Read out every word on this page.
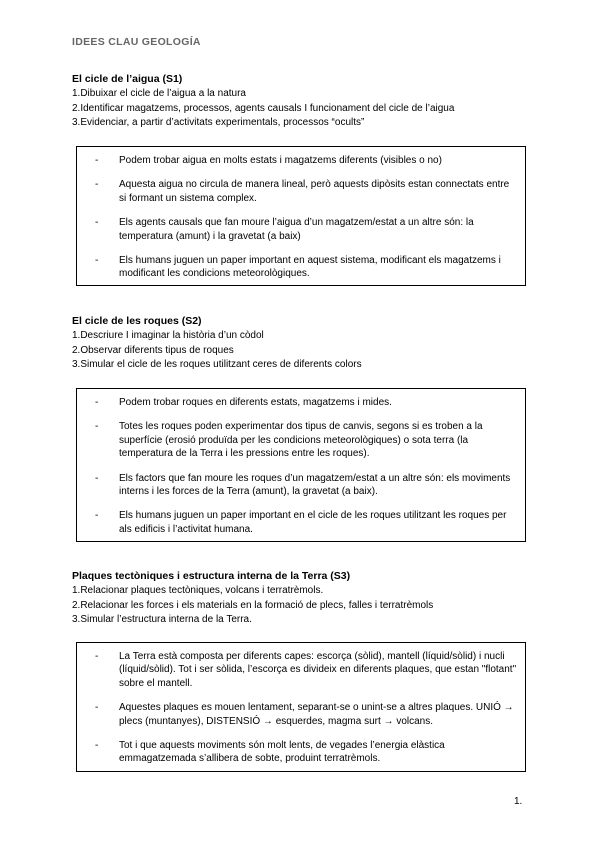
IDEES CLAU GEOLOGÍA
El cicle de l’aigua (S1)
1.Dibuixar el cicle de l’aigua a la natura
2.Identificar magatzems, processos, agents causals I funcionament del cicle de l’aigua
3.Evidenciar, a partir d’activitats experimentals, processos “ocults”
- Podem trobar aigua en molts estats i magatzems diferents (visibles o no)
- Aquesta aigua no circula de manera lineal, però aquests dipòsits estan connectats entre si formant un sistema complex.
- Els agents causals que fan moure l’aigua d’un magatzem/estat a un altre són: la temperatura (amunt) i la gravetat (a baix)
- Els humans juguen un paper important en aquest sistema, modificant els magatzems i modificant les condicions meteorològiques.
El cicle de les roques (S2)
1.Descriure I imaginar la història d’un còdol
2.Observar diferents tipus de roques
3.Simular el cicle de les roques utilitzant ceres de diferents colors
- Podem trobar roques en diferents estats, magatzems i mides.
- Totes les roques poden experimentar dos tipus de canvis, segons si es troben a la superfície (erosió produïda per les condicions meteorològiques) o sota terra (la temperatura de la Terra i les pressions entre les roques).
- Els factors que fan moure les roques d’un magatzem/estat a un altre són: els moviments interns i les forces de la Terra (amunt), la gravetat (a baix).
- Els humans juguen un paper important en el cicle de les roques utilitzant les roques per als edificis i l’activitat humana.
Plaques tectòniques i estructura interna de la Terra (S3)
1.Relacionar plaques tectòniques, volcans i terratrèmols.
2.Relacionar les forces i els materials en la formació de plecs, falles i terratrèmols
3.Simular l’estructura interna de la Terra.
- La Terra està composta per diferents capes: escorça (sòlid), mantell (líquid/sòlid) i nucli (líquid/sòlid). Tot i ser sòlida, l’escorça es divideix en diferents plaques, que estan "flotant" sobre el mantell.
- Aquestes plaques es mouen lentament, separant-se o unint-se a altres plaques. UNIÓ → plecs (muntanyes), DISTENSIÓ → esquerdes, magma surt → volcans.
- Tot i que aquests moviments són molt lents, de vegades l’energia elàstica emmagatzemada s’allibera de sobte, produint terratrèmols.
1.
